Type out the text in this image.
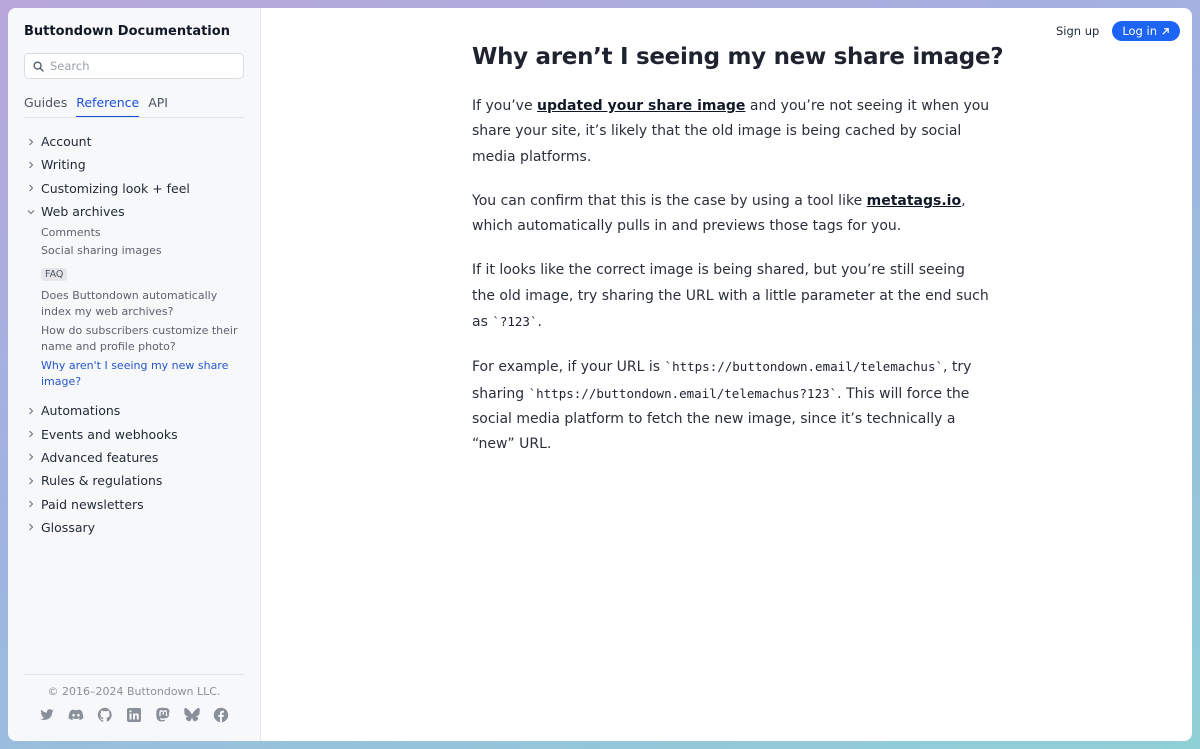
Buttondown Documentation
Search
Guides Reference API
Account
Writing
Customizing look + feel
Web archives
Comments
Social sharing images
FAQ
Does Buttondown automatically index my web archives?
How do subscribers customize their name and profile photo?
Why aren't I seeing my new share image?
Automations
Events and webhooks
Advanced features
Rules & regulations
Paid newsletters
Glossary
© 2016–2024 Buttondown LLC.
Sign up Log in
Why aren’t I seeing my new share image?

If you’ve updated your share image and you’re not seeing it when you share your site, it’s likely that the old image is being cached by social media platforms.

You can confirm that this is the case by using a tool like metatags.io, which automatically pulls in and previews those tags for you.

If it looks like the correct image is being shared, but you’re still seeing the old image, try sharing the URL with a little parameter at the end such as `?123`.

For example, if your URL is `https://buttondown.email/telemachus`, try sharing `https://buttondown.email/telemachus?123`. This will force the social media platform to fetch the new image, since it’s technically a “new” URL.
